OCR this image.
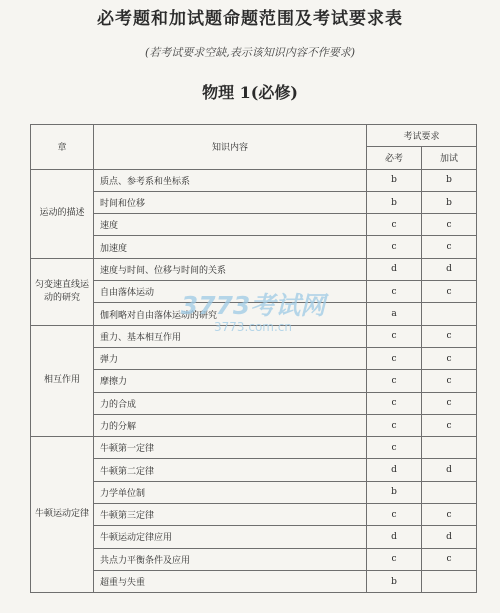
必考题和加试题命题范围及考试要求表
(若考试要求空缺,表示该知识内容不作要求)
物理 1(必修)
章	知识内容	考试要求	
		必考	加试
运动的描述	质点、参考系和坐标系	b	b
	时间和位移	b	b
	速度	c	c
	加速度	c	c
匀变速直线运动的研究	速度与时间、位移与时间的关系	d	d
	自由落体运动	c	c
	伽利略对自由落体运动的研究	a	
相互作用	重力、基本相互作用	c	c
	弹力	c	c
	摩擦力	c	c
	力的合成	c	c
	力的分解	c	c
牛顿运动定律	牛顿第一定律	c	
	牛顿第二定律	d	d
	力学单位制	b	
	牛顿第三定律	c	c
	牛顿运动定律应用	d	d
	共点力平衡条件及应用	c	c
	超重与失重	b	
3773考试网
3773.com.cn
